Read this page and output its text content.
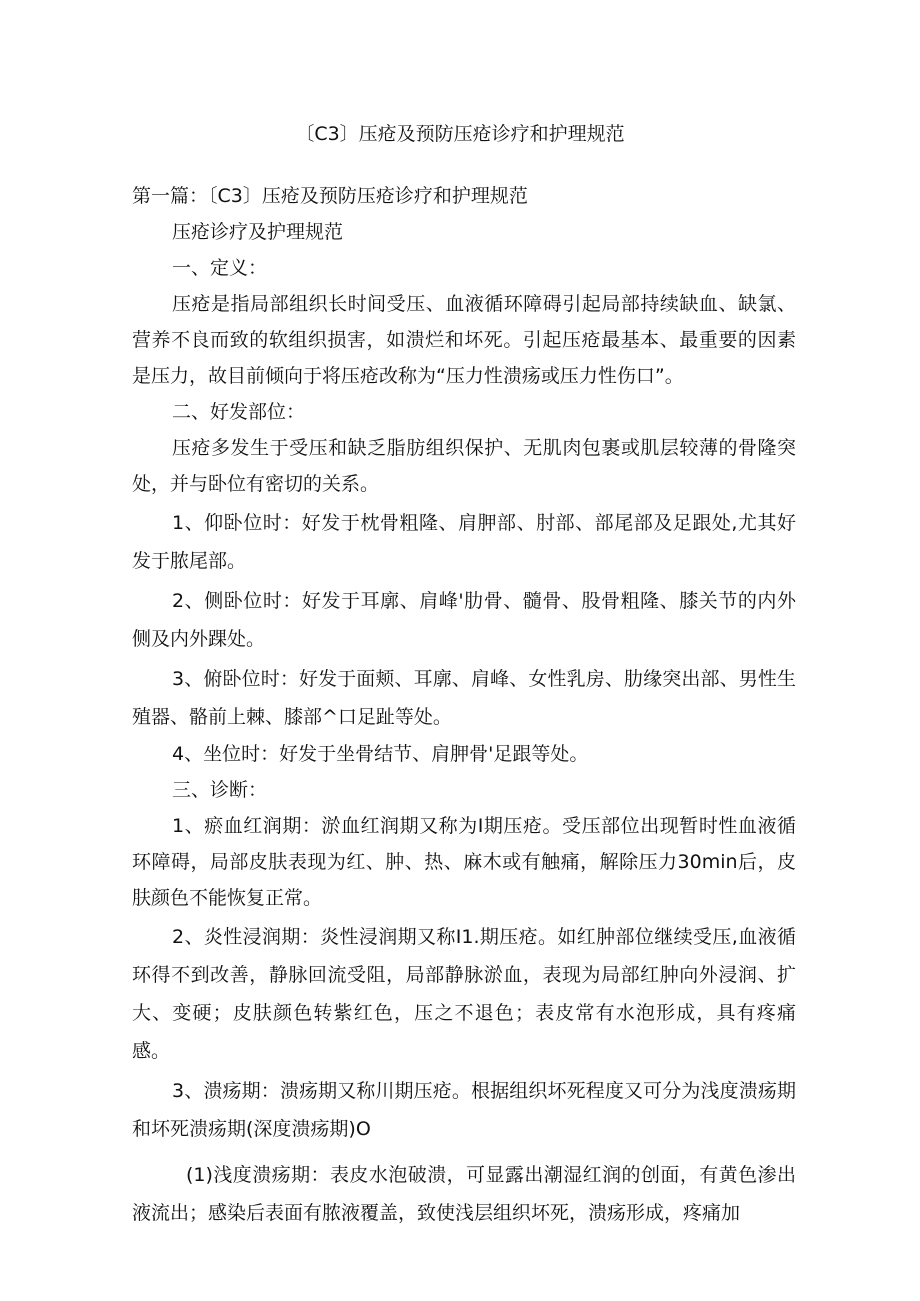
〔C3〕压疮及预防压疮诊疗和护理规范

第一篇：〔C3〕压疮及预防压疮诊疗和护理规范

压疮诊疗及护理规范

一、定义：

压疮是指局部组织长时间受压、血液循环障碍引起局部持续缺血、缺氯、营养不良而致的软组织损害，如溃烂和坏死。引起压疮最基本、最重要的因素是压力，故目前倾向于将压疮改称为“压力性溃疡或压力性伤口”。

二、好发部位：

压疮多发生于受压和缺乏脂肪组织保护、无肌肉包裹或肌层较薄的骨隆突处，并与卧位有密切的关系。

1、仰卧位时：好发于枕骨粗隆、肩胛部、肘部、部尾部及足跟处,尤其好发于脓尾部。

2、侧卧位时：好发于耳廓、肩峰'肋骨、髓骨、股骨粗隆、膝关节的内外侧及内外踝处。

3、俯卧位时：好发于面颊、耳廓、肩峰、女性乳房、肋缘突出部、男性生殖器、骼前上棘、膝部^口足趾等处。

4、坐位时：好发于坐骨结节、肩胛骨'足跟等处。

三、诊断：

1、瘀血红润期：淤血红润期又称为I期压疮。受压部位出现暂时性血液循环障碍，局部皮肤表现为红、肿、热、麻木或有触痛，解除压力30min后，皮肤颜色不能恢复正常。

2、炎性浸润期：炎性浸润期又称I1.期压疮。如红肿部位继续受压,血液循环得不到改善，静脉回流受阻，局部静脉淤血，表现为局部红肿向外浸润、扩大、变硬；皮肤颜色转紫红色，压之不退色；表皮常有水泡形成，具有疼痛感。

3、溃疡期：溃疡期又称川期压疮。根据组织坏死程度又可分为浅度溃疡期和坏死溃疡期(深度溃疡期)O

(1)浅度溃疡期：表皮水泡破溃，可显露出潮湿红润的创面，有黄色渗出液流出；感染后表面有脓液覆盖，致使浅层组织坏死，溃疡形成，疼痛加
